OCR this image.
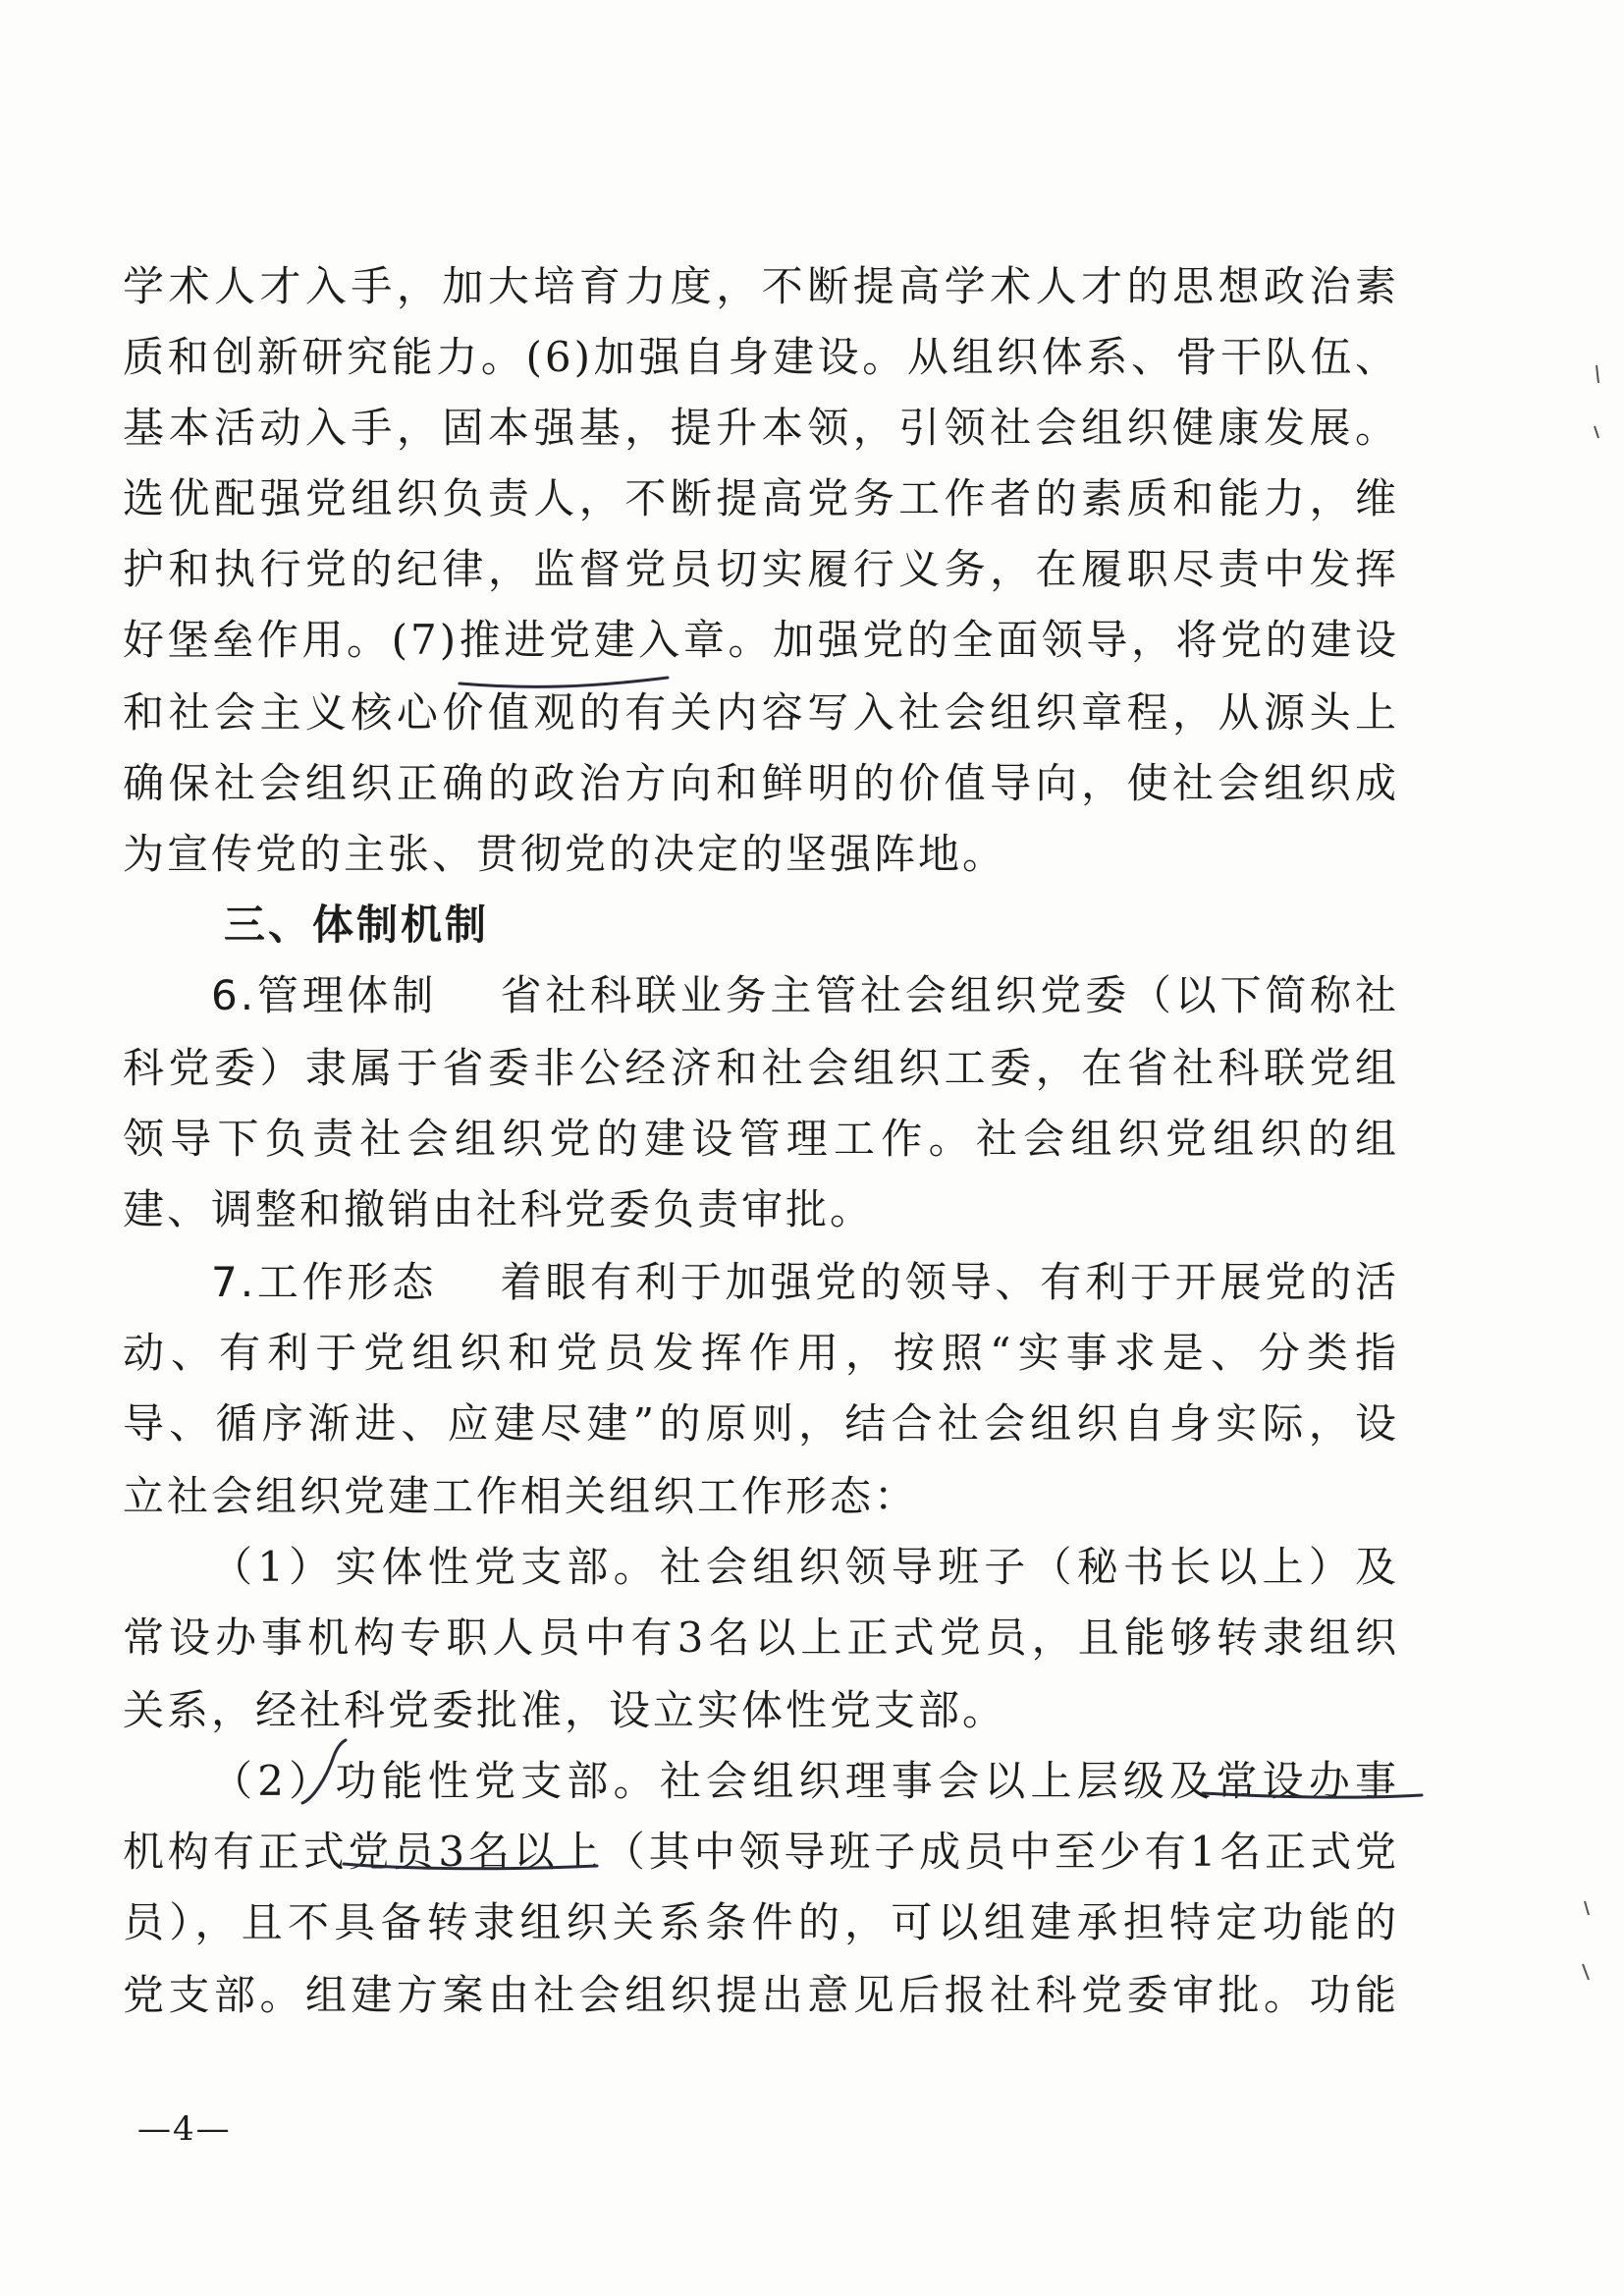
学术人才入手，加大培育力度，不断提高学术人才的思想政治素
质和创新研究能力。(6)加强自身建设。从组织体系、骨干队伍、
基本活动入手，固本强基，提升本领，引领社会组织健康发展。
选优配强党组织负责人，不断提高党务工作者的素质和能力，维
护和执行党的纪律，监督党员切实履行义务，在履职尽责中发挥
好堡垒作用。(7)推进党建入章。加强党的全面领导，将党的建设
和社会主义核心价值观的有关内容写入社会组织章程，从源头上
确保社会组织正确的政治方向和鲜明的价值导向，使社会组织成
为宣传党的主张、贯彻党的决定的坚强阵地。
三、体制机制
6.管理体制 省社科联业务主管社会组织党委（以下简称社
科党委）隶属于省委非公经济和社会组织工委，在省社科联党组
领导下负责社会组织党的建设管理工作。社会组织党组织的组
建、调整和撤销由社科党委负责审批。
7.工作形态 着眼有利于加强党的领导、有利于开展党的活
动、有利于党组织和党员发挥作用，按照“实事求是、分类指
导、循序渐进、应建尽建”的原则，结合社会组织自身实际，设
立社会组织党建工作相关组织工作形态：
（1）实体性党支部。社会组织领导班子（秘书长以上）及
常设办事机构专职人员中有3名以上正式党员，且能够转隶组织
关系，经社科党委批准，设立实体性党支部。
（2）功能性党支部。社会组织理事会以上层级及常设办事
机构有正式党员3名以上（其中领导班子成员中至少有1名正式党
员），且不具备转隶组织关系条件的，可以组建承担特定功能的
党支部。组建方案由社会组织提出意见后报社科党委审批。功能
—4—
